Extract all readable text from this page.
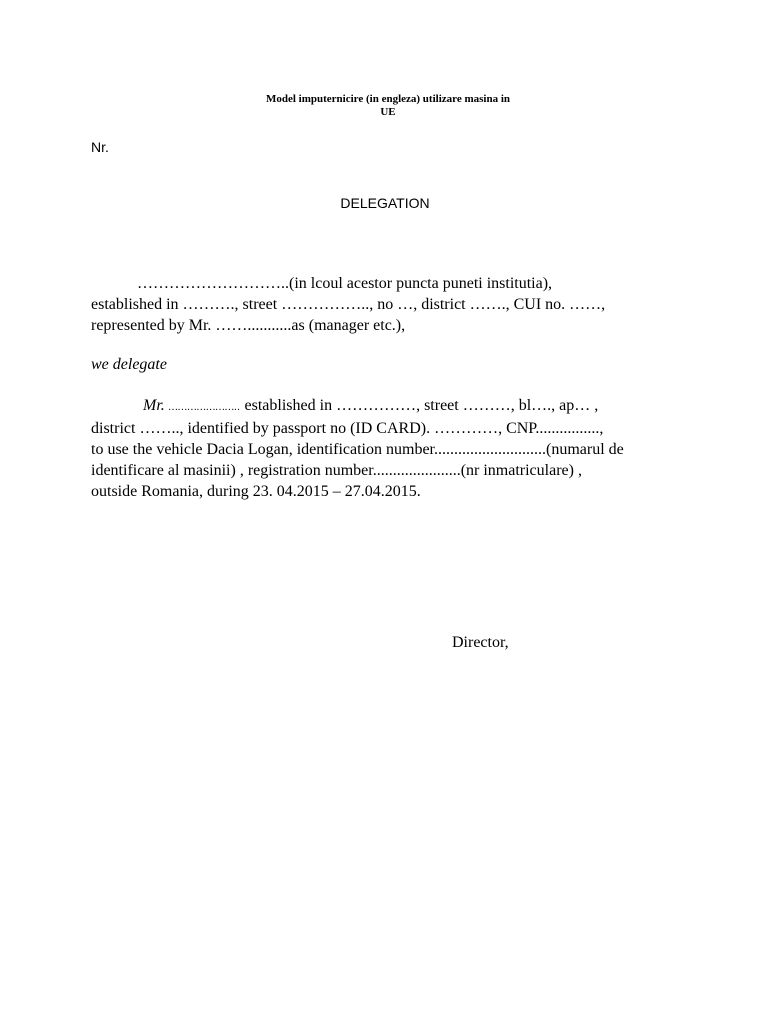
Model imputernicire (in engleza) utilizare masina in
UE
Nr.
DELEGATION
………………………..(in lcoul acestor puncta puneti institutia),
established in ………., street …………….., no …, district ……., CUI no. ……,
represented by Mr. ……...........as (manager etc.),
we delegate
Mr. ………………….. established in ……………, street ………, bl…., ap… ,
district …….., identified by passport no (ID CARD). …………, CNP................,
to use the vehicle Dacia Logan, identification number............................(numarul de
identificare al masinii) , registration number......................(nr inmatriculare) ,
outside Romania, during 23. 04.2015 – 27.04.2015.
Director,
